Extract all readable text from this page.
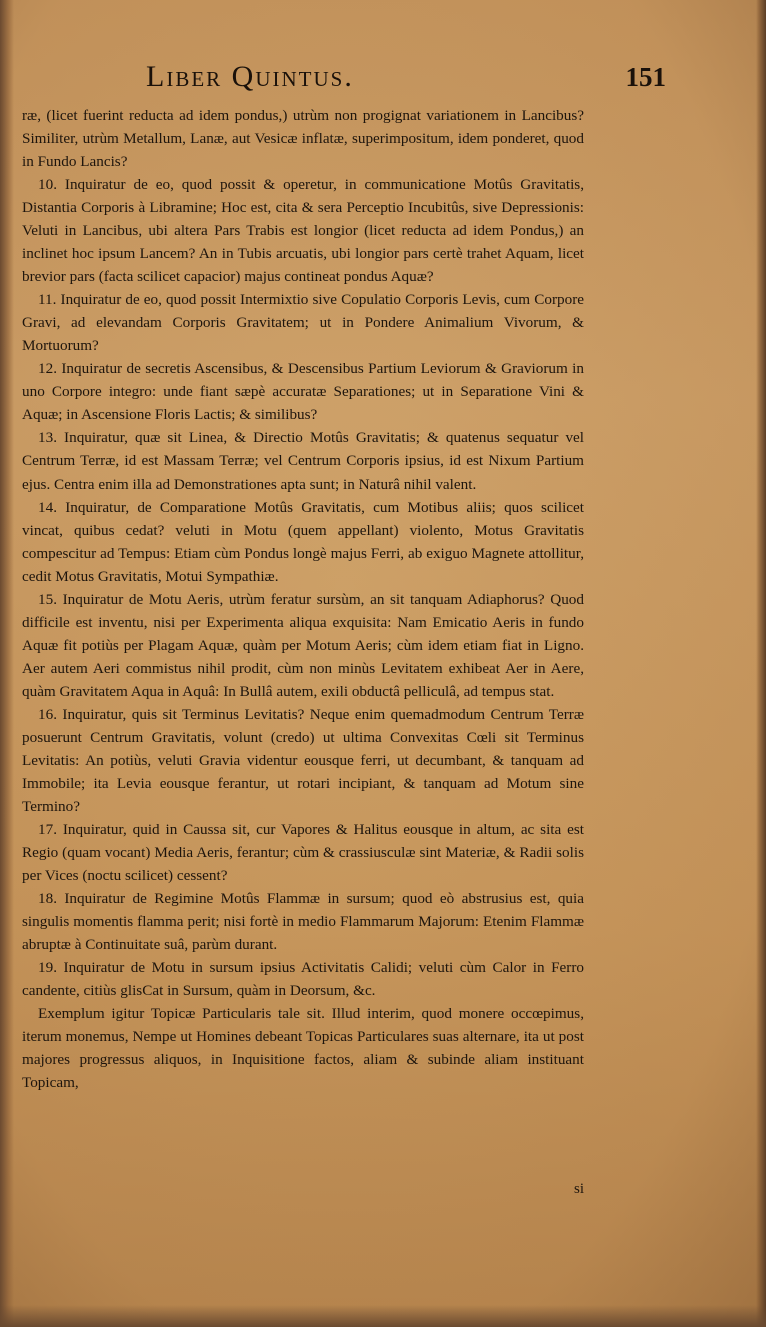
Liber Quintus.	151

ræ, (licet fuerint reducta ad idem pondus,) utrùm non progignat variationem in Lancibus? Similiter, utrùm Metallum, Lanæ, aut Vesicæ inflatæ, superimpositum, idem ponderet, quod in Fundo Lancis?

10. Inquiratur de eo, quod possit & operetur, in communicatione Motûs Gravitatis, Distantia Corporis à Libramine; Hoc est, cita & sera Perceptio Incubitûs, sive Depressionis: Veluti in Lancibus, ubi altera Pars Trabis est longior (licet reducta ad idem Pondus,) an inclinet hoc ipsum Lancem? An in Tubis arcuatis, ubi longior pars certè trahet Aquam, licet brevior pars (facta scilicet capacior) majus contineat pondus Aquæ?

11. Inquiratur de eo, quod possit Intermixtio sive Copulatio Corporis Levis, cum Corpore Gravi, ad elevandam Corporis Gravitatem; ut in Pondere Animalium Vivorum, & Mortuorum?

12. Inquiratur de secretis Ascensibus, & Descensibus Partium Leviorum & Graviorum in uno Corpore integro: unde fiant sæpè accuratæ Separationes; ut in Separatione Vini & Aquæ; in Ascensione Floris Lactis; & similibus?

13. Inquiratur, quæ sit Linea, & Directio Motûs Gravitatis; & quatenus sequatur vel Centrum Terræ, id est Massam Terræ; vel Centrum Corporis ipsius, id est Nixum Partium ejus. Centra enim illa ad Demonstrationes apta sunt; in Naturâ nihil valent.

14. Inquiratur, de Comparatione Motûs Gravitatis, cum Motibus aliis; quos scilicet vincat, quibus cedat? veluti in Motu (quem appellant) violento, Motus Gravitatis compescitur ad Tempus: Etiam cùm Pondus longè majus Ferri, ab exiguo Magnete attollitur, cedit Motus Gravitatis, Motui Sympathiæ.

15. Inquiratur de Motu Aeris, utrùm feratur sursùm, an sit tanquam Adiaphorus? Quod difficile est inventu, nisi per Experimenta aliqua exquisita: Nam Emicatio Aeris in fundo Aquæ fit potiùs per Plagam Aquæ, quàm per Motum Aeris; cùm idem etiam fiat in Ligno. Aer autem Aeri commistus nihil prodit, cùm non minùs Levitatem exhibeat Aer in Aere, quàm Gravitatem Aqua in Aquâ: In Bullâ autem, exili obductâ pelliculâ, ad tempus stat.

16. Inquiratur, quis sit Terminus Levitatis? Neque enim quemadmodum Centrum Terræ posuerunt Centrum Gravitatis, volunt (credo) ut ultima Convexitas Cœli sit Terminus Levitatis: An potiùs, veluti Gravia videntur eousque ferri, ut decumbant, & tanquam ad Immobile; ita Levia eousque ferantur, ut rotari incipiant, & tanquam ad Motum sine Termino?

17. Inquiratur, quid in Caussa sit, cur Vapores & Halitus eousque in altum, ac sita est Regio (quam vocant) Media Aeris, ferantur; cùm & crassiusculæ sint Materiæ, & Radii solis per Vices (noctu scilicet) cessent?

18. Inquiratur de Regimine Motûs Flammæ in sursum; quod eò abstrusius est, quia singulis momentis flamma perit; nisi fortè in medio Flammarum Majorum: Etenim Flammæ abruptæ à Continuitate suâ, parùm durant.

19. Inquiratur de Motu in sursum ipsius Activitatis Calidi; veluti cùm Calor in Ferro candente, citiùs glisCat in Sursum, quàm in Deorsum, &c.

Exemplum igitur Topicæ Particularis tale sit. Illud interim, quod monere occœpimus, iterum monemus, Nempe ut Homines debeant Topicas Particulares suas alternare, ita ut post majores progressus aliquos, in Inquisitione factos, aliam & subinde aliam instituant Topicam,

si
